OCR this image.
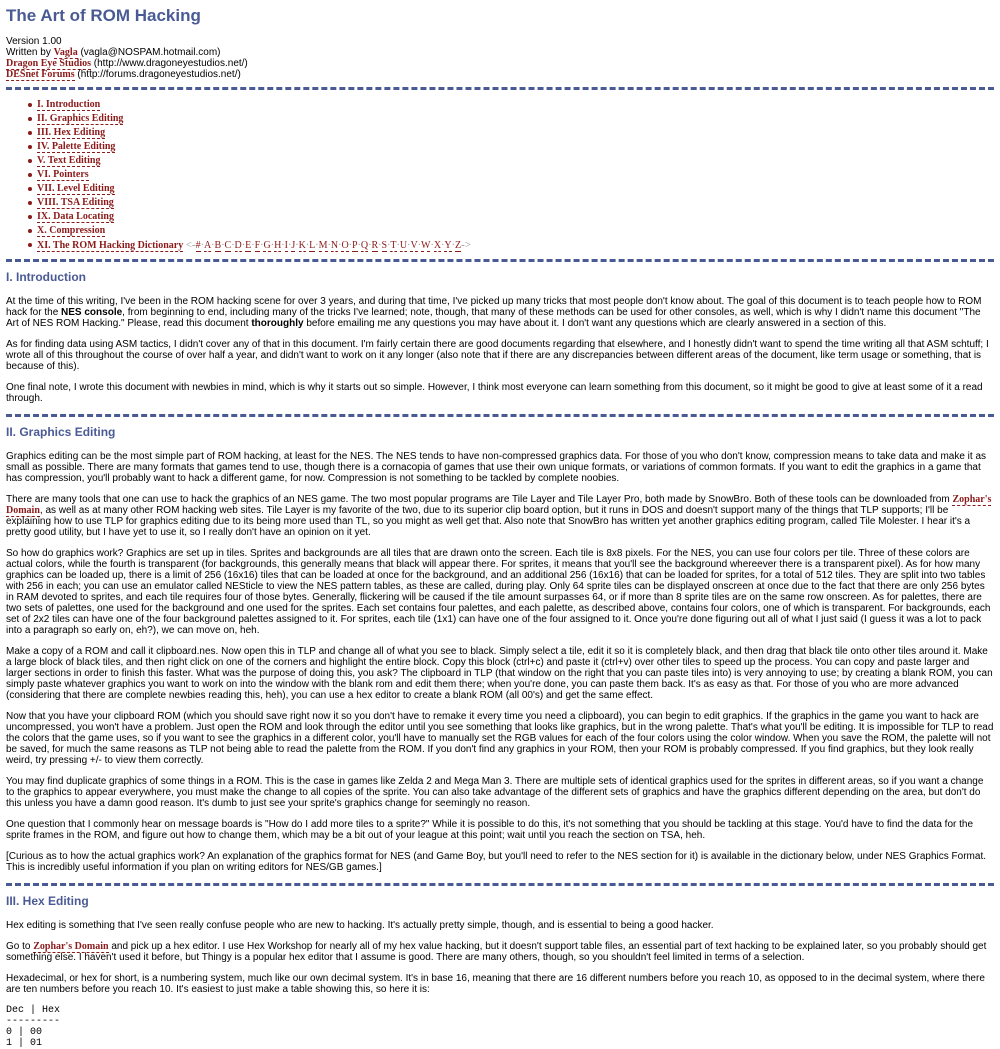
The Art of ROM Hacking
Version 1.00
Written by Vagla (vagla@NOSPAM.hotmail.com)
Dragon Eye Studios (http://www.dragoneyestudios.net/)
DESnet Forums (http://forums.dragoneyestudios.net/)
I. Introduction
II. Graphics Editing
III. Hex Editing
IV. Palette Editing
V. Text Editing
VI. Pointers
VII. Level Editing
VIII. TSA Editing
IX. Data Locating
X. Compression
XI. The ROM Hacking Dictionary <-#·A·B·C·D·E·F·G·H·I·J·K·L·M·N·O·P·Q·R·S·T·U·V·W·X·Y·Z->
I. Introduction

At the time of this writing, I've been in the ROM hacking scene for over 3 years, and during that time, I've picked up many tricks that most people don't know about. The goal of this document is to teach people how to ROM hack for the NES console, from beginning to end, including many of the tricks I've learned; note, though, that many of these methods can be used for other consoles, as well, which is why I didn't name this document "The Art of NES ROM Hacking." Please, read this document thoroughly before emailing me any questions you may have about it. I don't want any questions which are clearly answered in a section of this.

As for finding data using ASM tactics, I didn't cover any of that in this document. I'm fairly certain there are good documents regarding that elsewhere, and I honestly didn't want to spend the time writing all that ASM schtuff; I wrote all of this throughout the course of over half a year, and didn't want to work on it any longer (also note that if there are any discrepancies between different areas of the document, like term usage or something, that is because of this).

One final note, I wrote this document with newbies in mind, which is why it starts out so simple. However, I think most everyone can learn something from this document, so it might be good to give at least some of it a read through.

II. Graphics Editing

Graphics editing can be the most simple part of ROM hacking, at least for the NES. The NES tends to have non-compressed graphics data. For those of you who don't know, compression means to take data and make it as small as possible. There are many formats that games tend to use, though there is a cornacopia of games that use their own unique formats, or variations of common formats. If you want to edit the graphics in a game that has compression, you'll probably want to hack a different game, for now. Compression is not something to be tackled by complete noobies.

There are many tools that one can use to hack the graphics of an NES game. The two most popular programs are Tile Layer and Tile Layer Pro, both made by SnowBro. Both of these tools can be downloaded from Zophar's Domain, as well as at many other ROM hacking web sites. Tile Layer is my favorite of the two, due to its superior clip board option, but it runs in DOS and doesn't support many of the things that TLP supports; I'll be explaining how to use TLP for graphics editing due to its being more used than TL, so you might as well get that. Also note that SnowBro has written yet another graphics editing program, called Tile Molester. I hear it's a pretty good utility, but I have yet to use it, so I really don't have an opinion on it yet.

So how do graphics work? Graphics are set up in tiles. Sprites and backgrounds are all tiles that are drawn onto the screen. Each tile is 8x8 pixels. For the NES, you can use four colors per tile. Three of these colors are actual colors, while the fourth is transparent (for backgrounds, this generally means that black will appear there. For sprites, it means that you'll see the background whereever there is a transparent pixel). As for how many graphics can be loaded up, there is a limit of 256 (16x16) tiles that can be loaded at once for the background, and an additional 256 (16x16) that can be loaded for sprites, for a total of 512 tiles. They are split into two tables with 256 in each; you can use an emulator called NESticle to view the NES pattern tables, as these are called, during play. Only 64 sprite tiles can be displayed onscreen at once due to the fact that there are only 256 bytes in RAM devoted to sprites, and each tile requires four of those bytes. Generally, flickering will be caused if the tile amount surpasses 64, or if more than 8 sprite tiles are on the same row onscreen. As for palettes, there are two sets of palettes, one used for the background and one used for the sprites. Each set contains four palettes, and each palette, as described above, contains four colors, one of which is transparent. For backgrounds, each set of 2x2 tiles can have one of the four background palettes assigned to it. For sprites, each tile (1x1) can have one of the four assigned to it. Once you're done figuring out all of what I just said (I guess it was a lot to pack into a paragraph so early on, eh?), we can move on, heh.

Make a copy of a ROM and call it clipboard.nes. Now open this in TLP and change all of what you see to black. Simply select a tile, edit it so it is completely black, and then drag that black tile onto other tiles around it. Make a large block of black tiles, and then right click on one of the corners and highlight the entire block. Copy this block (ctrl+c) and paste it (ctrl+v) over other tiles to speed up the process. You can copy and paste larger and larger sections in order to finish this faster. What was the purpose of doing this, you ask? The clipboard in TLP (that window on the right that you can paste tiles into) is very annoying to use; by creating a blank ROM, you can simply paste whatever graphics you want to work on into the window with the blank rom and edit them there; when you're done, you can paste them back. It's as easy as that. For those of you who are more advanced (considering that there are complete newbies reading this, heh), you can use a hex editor to create a blank ROM (all 00's) and get the same effect.

Now that you have your clipboard ROM (which you should save right now it so you don't have to remake it every time you need a clipboard), you can begin to edit graphics. If the graphics in the game you want to hack are uncompressed, you won't have a problem. Just open the ROM and look through the editor until you see something that looks like graphics, but in the wrong palette. That's what you'll be editing. It is impossible for TLP to read the colors that the game uses, so if you want to see the graphics in a different color, you'll have to manually set the RGB values for each of the four colors using the color window. When you save the ROM, the palette will not be saved, for much the same reasons as TLP not being able to read the palette from the ROM. If you don't find any graphics in your ROM, then your ROM is probably compressed. If you find graphics, but they look really weird, try pressing +/- to view them correctly.

You may find duplicate graphics of some things in a ROM. This is the case in games like Zelda 2 and Mega Man 3. There are multiple sets of identical graphics used for the sprites in different areas, so if you want a change to the graphics to appear everywhere, you must make the change to all copies of the sprite. You can also take advantage of the different sets of graphics and have the graphics different depending on the area, but don't do this unless you have a damn good reason. It's dumb to just see your sprite's graphics change for seemingly no reason.

One question that I commonly hear on message boards is "How do I add more tiles to a sprite?" While it is possible to do this, it's not something that you should be tackling at this stage. You'd have to find the data for the sprite frames in the ROM, and figure out how to change them, which may be a bit out of your league at this point; wait until you reach the section on TSA, heh.

[Curious as to how the actual graphics work? An explanation of the graphics format for NES (and Game Boy, but you'll need to refer to the NES section for it) is available in the dictionary below, under NES Graphics Format. This is incredibly useful information if you plan on writing editors for NES/GB games.]

III. Hex Editing

Hex editing is something that I've seen really confuse people who are new to hacking. It's actually pretty simple, though, and is essential to being a good hacker.

Go to Zophar's Domain and pick up a hex editor. I use Hex Workshop for nearly all of my hex value hacking, but it doesn't support table files, an essential part of text hacking to be explained later, so you probably should get something else. I haven't used it before, but Thingy is a popular hex editor that I assume is good. There are many others, though, so you shouldn't feel limited in terms of a selection.

Hexadecimal, or hex for short, is a numbering system, much like our own decimal system. It's in base 16, meaning that there are 16 different numbers before you reach 10, as opposed to in the decimal system, where there are ten numbers before you reach 10. It's easiest to just make a table showing this, so here it is:

Dec | Hex
---------
0 | 00
1 | 01
